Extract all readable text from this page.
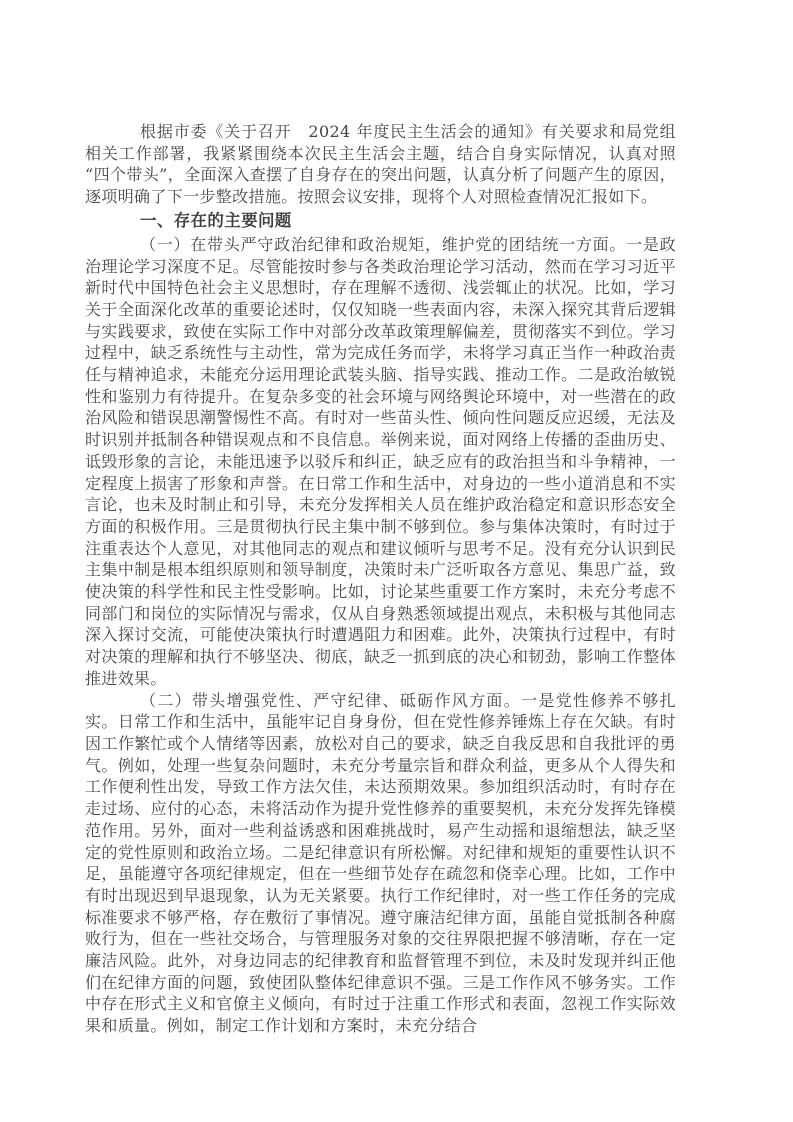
根据市委《关于召开　2024 年度民主生活会的通知》有关要求和局党组相关工作部署，我紧紧围绕本次民主生活会主题，结合自身实际情况，认真对照“四个带头”，全面深入查摆了自身存在的突出问题，认真分析了问题产生的原因，逐项明确了下一步整改措施。按照会议安排，现将个人对照检查情况汇报如下。

一、存在的主要问题

（一）在带头严守政治纪律和政治规矩，维护党的团结统一方面。一是政治理论学习深度不足。尽管能按时参与各类政治理论学习活动，然而在学习习近平新时代中国特色社会主义思想时，存在理解不透彻、浅尝辄止的状况。比如，学习关于全面深化改革的重要论述时，仅仅知晓一些表面内容，未深入探究其背后逻辑与实践要求，致使在实际工作中对部分改革政策理解偏差，贯彻落实不到位。学习过程中，缺乏系统性与主动性，常为完成任务而学，未将学习真正当作一种政治责任与精神追求，未能充分运用理论武装头脑、指导实践、推动工作。二是政治敏锐性和鉴别力有待提升。在复杂多变的社会环境与网络舆论环境中，对一些潜在的政治风险和错误思潮警惕性不高。有时对一些苗头性、倾向性问题反应迟缓，无法及时识别并抵制各种错误观点和不良信息。举例来说，面对网络上传播的歪曲历史、诋毁形象的言论，未能迅速予以驳斥和纠正，缺乏应有的政治担当和斗争精神，一定程度上损害了形象和声誉。在日常工作和生活中，对身边的一些小道消息和不实言论，也未及时制止和引导，未充分发挥相关人员在维护政治稳定和意识形态安全方面的积极作用。三是贯彻执行民主集中制不够到位。参与集体决策时，有时过于注重表达个人意见，对其他同志的观点和建议倾听与思考不足。没有充分认识到民主集中制是根本组织原则和领导制度，决策时未广泛听取各方意见、集思广益，致使决策的科学性和民主性受影响。比如，讨论某些重要工作方案时，未充分考虑不同部门和岗位的实际情况与需求，仅从自身熟悉领域提出观点，未积极与其他同志深入探讨交流，可能使决策执行时遭遇阻力和困难。此外，决策执行过程中，有时对决策的理解和执行不够坚决、彻底，缺乏一抓到底的决心和韧劲，影响工作整体推进效果。

（二）带头增强党性、严守纪律、砥砺作风方面。一是党性修养不够扎实。日常工作和生活中，虽能牢记自身身份，但在党性修养锤炼上存在欠缺。有时因工作繁忙或个人情绪等因素，放松对自己的要求，缺乏自我反思和自我批评的勇气。例如，处理一些复杂问题时，未充分考量宗旨和群众利益，更多从个人得失和工作便利性出发，导致工作方法欠佳，未达预期效果。参加组织活动时，有时存在走过场、应付的心态，未将活动作为提升党性修养的重要契机，未充分发挥先锋模范作用。另外，面对一些利益诱惑和困难挑战时，易产生动摇和退缩想法，缺乏坚定的党性原则和政治立场。二是纪律意识有所松懈。对纪律和规矩的重要性认识不足，虽能遵守各项纪律规定，但在一些细节处存在疏忽和侥幸心理。比如，工作中有时出现迟到早退现象，认为无关紧要。执行工作纪律时，对一些工作任务的完成标准要求不够严格，存在敷衍了事情况。遵守廉洁纪律方面，虽能自觉抵制各种腐败行为，但在一些社交场合，与管理服务对象的交往界限把握不够清晰，存在一定廉洁风险。此外，对身边同志的纪律教育和监督管理不到位，未及时发现并纠正他们在纪律方面的问题，致使团队整体纪律意识不强。三是工作作风不够务实。工作中存在形式主义和官僚主义倾向，有时过于注重工作形式和表面，忽视工作实际效果和质量。例如，制定工作计划和方案时，未充分结合
